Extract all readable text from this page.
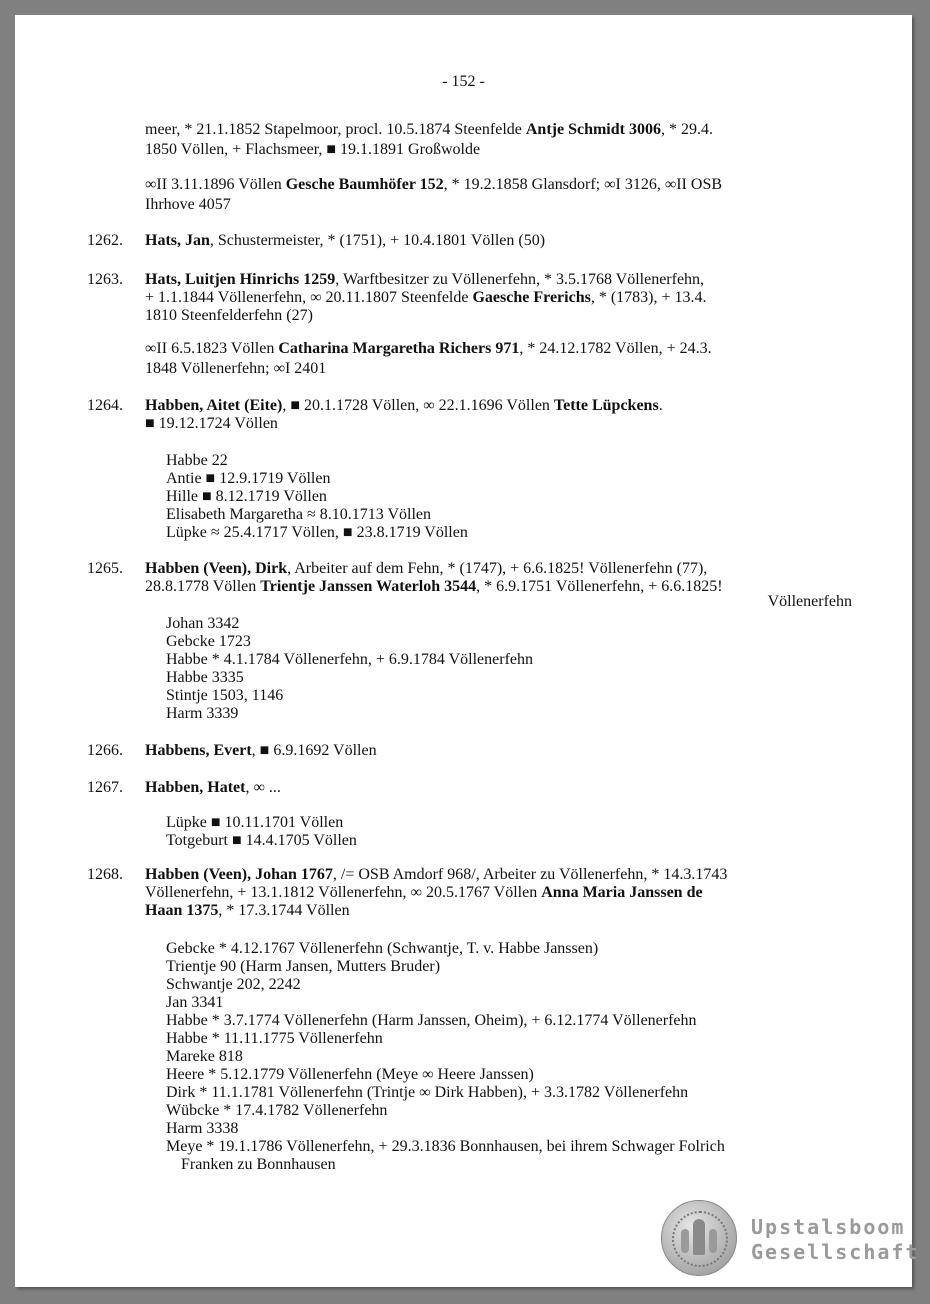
- 152 -
meer, * 21.1.1852 Stapelmoor, procl. 10.5.1874 Steenfelde Antje Schmidt 3006, * 29.4.
1850 Völlen, + Flachsmeer, ■ 19.1.1891 Großwolde
∞II 3.11.1896 Völlen Gesche Baumhöfer 152, * 19.2.1858 Glansdorf; ∞I 3126, ∞II OSB
Ihrhove 4057
1262. Hats, Jan, Schustermeister, * (1751), + 10.4.1801 Völlen (50)
1263. Hats, Luitjen Hinrichs 1259, Warftbesitzer zu Völlenerfehn, * 3.5.1768 Völlenerfehn,
+ 1.1.1844 Völlenerfehn, ∞ 20.11.1807 Steenfelde Gaesche Frerichs, * (1783), + 13.4.
1810 Steenfelderfehn (27)
∞II 6.5.1823 Völlen Catharina Margaretha Richers 971, * 24.12.1782 Völlen, + 24.3.
1848 Völlenerfehn; ∞I 2401
1264. Habben, Aitet (Eite), ■ 20.1.1728 Völlen, ∞ 22.1.1696 Völlen Tette Lüpckens.
■ 19.12.1724 Völlen
Habbe 22
Antie ■ 12.9.1719 Völlen
Hille ■ 8.12.1719 Völlen
Elisabeth Margaretha ≈ 8.10.1713 Völlen
Lüpke ≈ 25.4.1717 Völlen, ■ 23.8.1719 Völlen
1265. Habben (Veen), Dirk, Arbeiter auf dem Fehn, * (1747), + 6.6.1825! Völlenerfehn (77),
28.8.1778 Völlen Trientje Janssen Waterloh 3544, * 6.9.1751 Völlenerfehn, + 6.6.1825!
Völlenerfehn
Johan 3342
Gebcke 1723
Habbe * 4.1.1784 Völlenerfehn, + 6.9.1784 Völlenerfehn
Habbe 3335
Stintje 1503, 1146
Harm 3339
1266. Habbens, Evert, ■ 6.9.1692 Völlen
1267. Habben, Hatet, ∞ ...
Lüpke ■ 10.11.1701 Völlen
Totgeburt ■ 14.4.1705 Völlen
1268. Habben (Veen), Johan 1767, /= OSB Amdorf 968/, Arbeiter zu Völlenerfehn, * 14.3.1743
Völlenerfehn, + 13.1.1812 Völlenerfehn, ∞ 20.5.1767 Völlen Anna Maria Janssen de
Haan 1375, * 17.3.1744 Völlen
Gebcke * 4.12.1767 Völlenerfehn (Schwantje, T. v. Habbe Janssen)
Trientje 90 (Harm Jansen, Mutters Bruder)
Schwantje 202, 2242
Jan 3341
Habbe * 3.7.1774 Völlenerfehn (Harm Janssen, Oheim), + 6.12.1774 Völlenerfehn
Habbe * 11.11.1775 Völlenerfehn
Mareke 818
Heere * 5.12.1779 Völlenerfehn (Meye ∞ Heere Janssen)
Dirk * 11.1.1781 Völlenerfehn (Trintje ∞ Dirk Habben), + 3.3.1782 Völlenerfehn
Wübcke * 17.4.1782 Völlenerfehn
Harm 3338
Meye * 19.1.1786 Völlenerfehn, + 29.3.1836 Bonnhausen, bei ihrem Schwager Folrich
Franken zu Bonnhausen
Upstalsboom
Gesellschaft
